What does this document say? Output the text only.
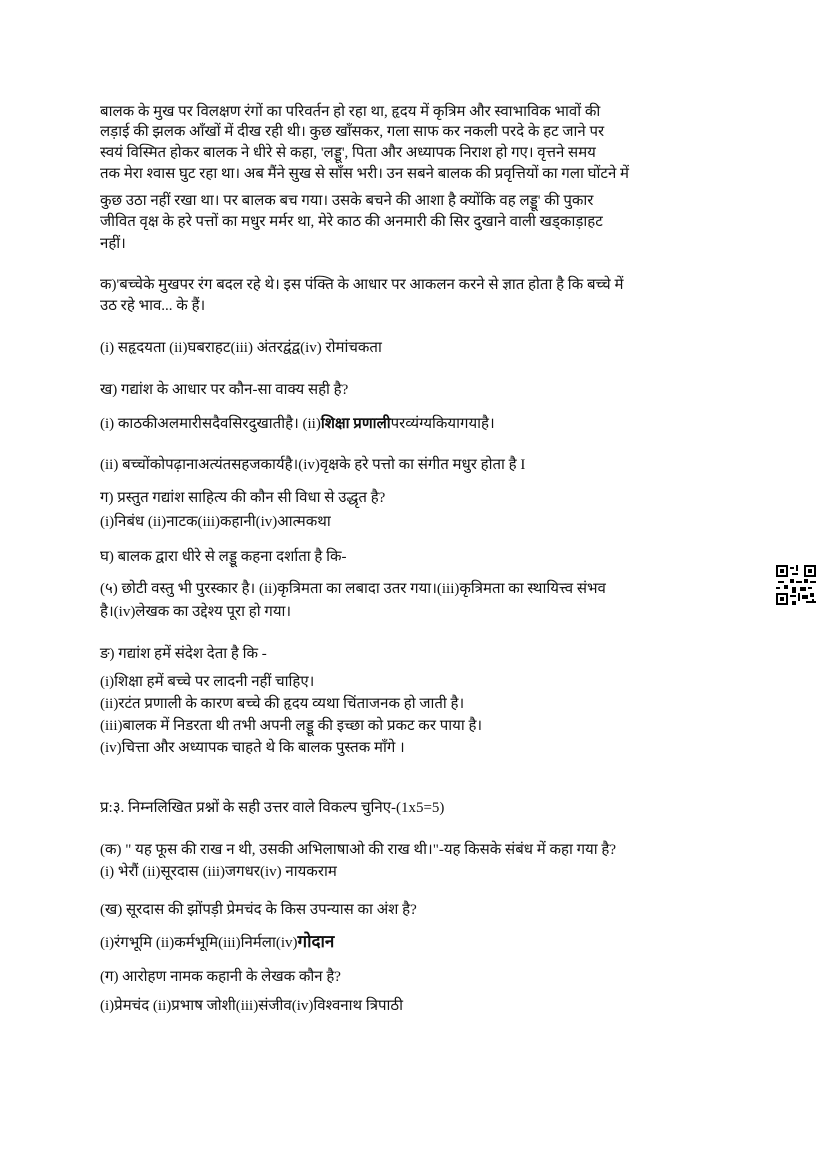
बालक के मुख पर विलक्षण रंगों का परिवर्तन हो रहा था, हृदय में कृत्रिम और स्वाभाविक भावों की
लड़ाई की झलक आँखों में दीख रही थी। कुछ खाँसकर, गला साफ कर नकली परदे के हट जाने पर
स्वयं विस्मित होकर बालक ने धीरे से कहा, 'लड्डू', पिता और अध्यापक निराश हो गए। वृत्तने समय
तक मेरा श्वास घुट रहा था। अब मैंने सुख से साँस भरी। उन सबने बालक की प्रवृत्तियों का गला घोंटने में
कुछ उठा नहीं रखा था। पर बालक बच गया। उसके बचने की आशा है क्योंकि वह लड्डू' की पुकार
जीवित वृक्ष के हरे पत्तों का मधुर मर्मर था, मेरे काठ की अनमारी की सिर दुखाने वाली खड्काड़ाहट
नहीं।
क)'बच्चेके मुखपर रंग बदल रहे थे। इस पंक्ति के आधार पर आकलन करने से ज्ञात होता है कि बच्चे में
उठ रहे भाव... के हैं।
(i) सहृदयता (ii)घबराहट(iii) अंतरद्वंद्व(iv) रोमांचकता
ख) गद्यांश के आधार पर कौन-सा वाक्य सही है?
(i) काठकीअलमारीसदैवसिरदुखातीहै। (ii)शिक्षा प्रणालीपरव्यंग्यकियागयाहै।
(ii) बच्चोंकोपढ़ानाअत्यंतसहजकार्यहै।(iv)वृक्षके हरे पत्तो का संगीत मधुर होता है I
ग) प्रस्तुत गद्यांश साहित्य की कौन सी विधा से उद्धृत है?
(i)निबंध (ii)नाटक(iii)कहानी(iv)आत्मकथा
घ) बालक द्वारा धीरे से लड्डू कहना दर्शाता है कि-
(५) छोटी वस्तु भी पुरस्कार है। (ii)कृत्रिमता का लबादा उतर गया।(iii)कृत्रिमता का स्थायित्त्व संभव
है।(iv)लेखक का उद्देश्य पूरा हो गया।
ङ) गद्यांश हमें संदेश देता है कि -
(i)शिक्षा हमें बच्चे पर लादनी नहीं चाहिए।
(ii)रटंत प्रणाली के कारण बच्चे की हृदय व्यथा चिंताजनक हो जाती है।
(iii)बालक में निडरता थी तभी अपनी लड्डू की इच्छा को प्रकट कर पाया है।
(iv)चित्ता और अध्यापक चाहते थे कि बालक पुस्तक माँगे ।
प्र:३. निम्नलिखित प्रश्नों के सही उत्तर वाले विकल्प चुनिए-(1x5=5)
(क) " यह फूस की राख न थी, उसकी अभिलाषाओ की राख थी।"-यह किसके संबंध में कहा गया है?
(i) भेरौं (ii)सूरदास (iii)जगधर(iv) नायकराम
(ख) सूरदास की झोंपड़ी प्रेमचंद के किस उपन्यास का अंश है?
(i)रंगभूमि (ii)कर्मभूमि(iii)निर्मला(iv)गोदान
(ग) आरोहण नामक कहानी के लेखक कौन है?
(i)प्रेमचंद (ii)प्रभाष जोशी(iii)संजीव(iv)विश्वनाथ त्रिपाठी
